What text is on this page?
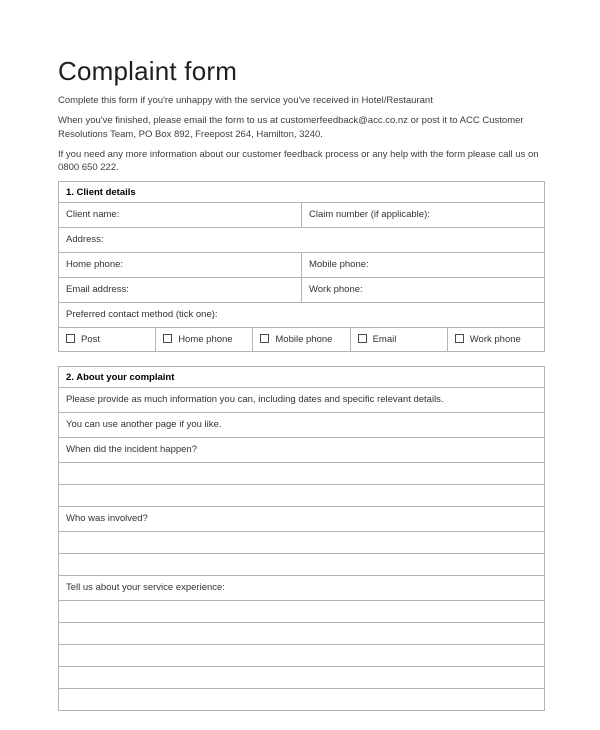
Complaint form

Complete this form if you're unhappy with the service you've received in Hotel/Restaurant

When you've finished, please email the form to us at customerfeedback@acc.co.nz or post it to ACC Customer Resolutions Team, PO Box 892, Freepost 264, Hamilton, 3240.

If you need any more information about our customer feedback process or any help with the form please call us on 0800 650 222.

1. Client details					
Client name:			Claim number (if applicable):		
Address:					
Home phone:			Mobile phone:		
Email address:			Work phone:		
Preferred contact method (tick one):					
Post	Home phone	Mobile phone		Email	Work phone
2. About your complaint
Please provide as much information you can, including dates and specific relevant details.
You can use another page if you like.
When did the incident happen?

Who was involved?

Tell us about your service experience:
